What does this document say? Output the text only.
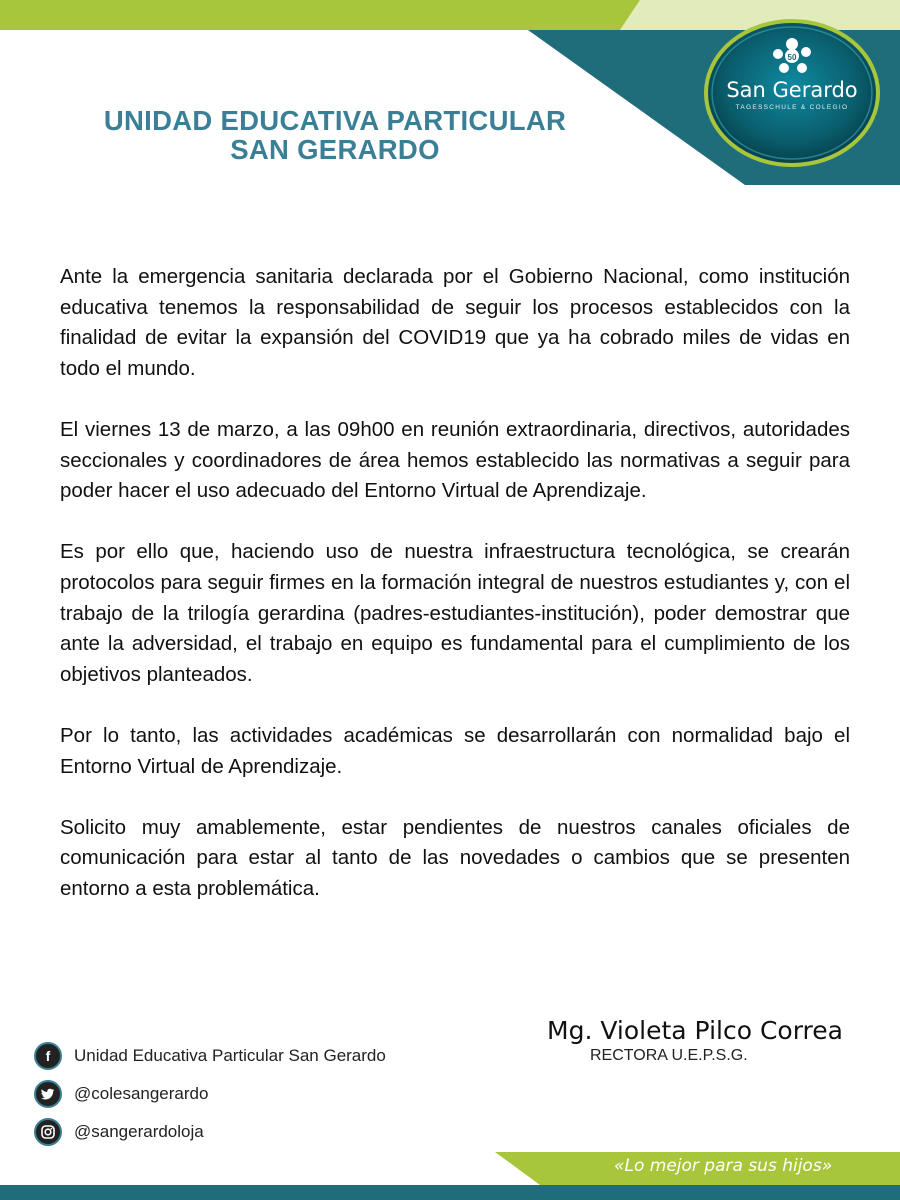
UNIDAD EDUCATIVA PARTICULAR
SAN GERARDO
50
San Gerardo
TAGESSCHULE & COLEGIO

Ante la emergencia sanitaria declarada por el Gobierno Nacional, como institución educativa tenemos la responsabilidad de seguir los procesos establecidos con la finalidad de evitar la expansión del COVID19 que ya ha cobrado miles de vidas en todo el mundo.

El viernes 13 de marzo, a las 09h00 en reunión extraordinaria, directivos, autoridades seccionales y coordinadores de área hemos establecido las normativas a seguir para poder hacer el uso adecuado del Entorno Virtual de Aprendizaje.

Es por ello que, haciendo uso de nuestra infraestructura tecnológica, se crearán protocolos para seguir firmes en la formación integral de nuestros estudiantes y, con el trabajo de la trilogía gerardina (padres-estudiantes-institución), poder demostrar que ante la adversidad, el trabajo en equipo es fundamental para el cumplimiento de los objetivos planteados.

Por lo tanto, las actividades académicas se desarrollarán con normalidad bajo el Entorno Virtual de Aprendizaje.

Solicito muy amablemente, estar pendientes de nuestros canales oficiales de comunicación para estar al tanto de las novedades o cambios que se presenten entorno a esta problemática.

Mg. Violeta Pilco Correa
RECTORA U.E.P.S.G.
f	Unidad Educativa Particular San Gerardo
@colesangerardo
@sangerardoloja
«Lo mejor para sus hijos»
